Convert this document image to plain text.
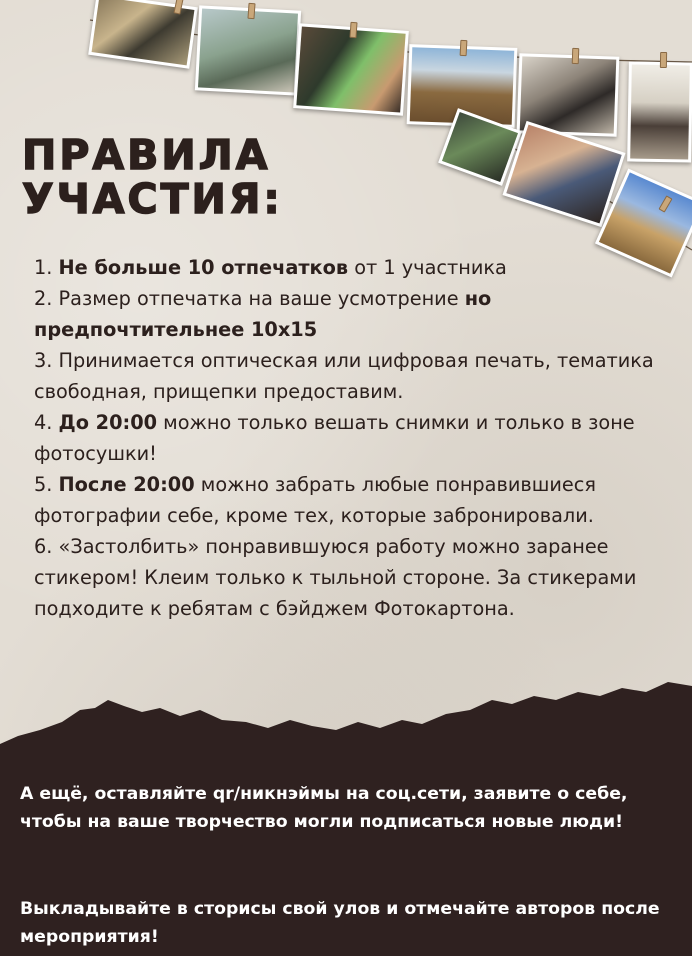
ПРАВИЛА
УЧАСТИЯ:
1. Не больше 10 отпечатков от 1 участника
2. Размер отпечатка на ваше усмотрение но предпочтительнее 10х15
3. Принимается оптическая или цифровая печать, тематика свободная, прищепки предоставим.
4. До 20:00 можно только вешать снимки и только в зоне фотосушки!
5. После 20:00 можно забрать любые понравившиеся фотографии себе, кроме тех, которые забронировали.
6. «Застолбить» понравившуюся работу можно заранее стикером! Клеим только к тыльной стороне. За стикерами подходите к ребятам с бэйджем Фотокартона.

А ещё, оставляйте qr/никнэймы на соц.сети, заявите о себе, чтобы на ваше творчество могли подписаться новые люди!

Выкладывайте в сторисы свой улов и отмечайте авторов после мероприятия!
